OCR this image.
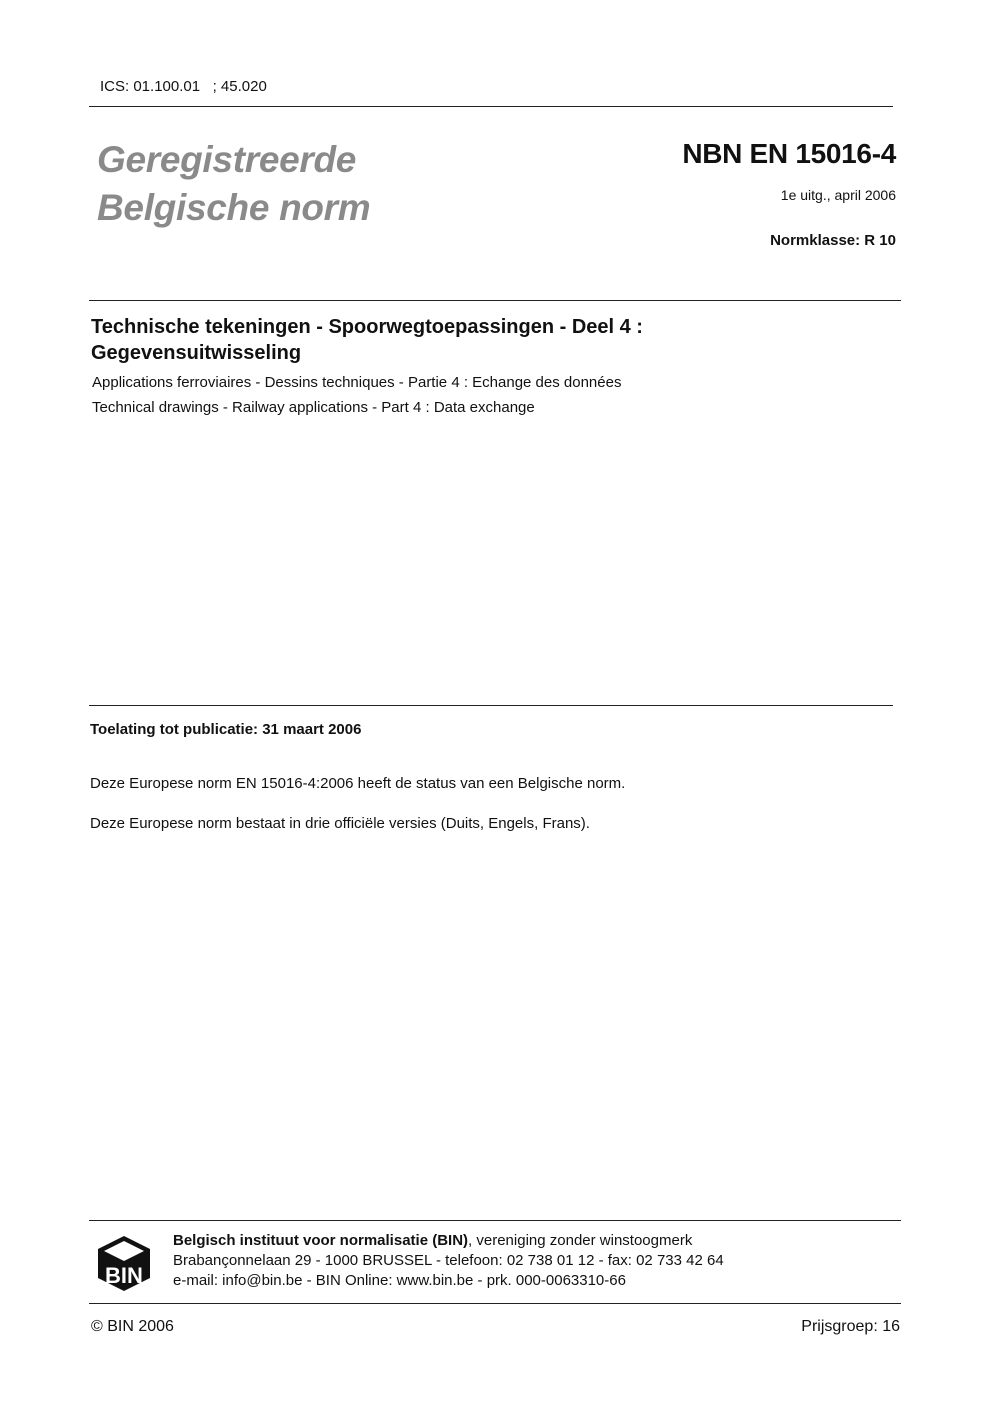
ICS: 01.100.01   ; 45.020
Geregistreerde
Belgische norm
NBN EN 15016-4
1e uitg., april 2006
Normklasse: R 10
Technische tekeningen - Spoorwegtoepassingen - Deel 4 :
Gegevensuitwisseling
Applications ferroviaires - Dessins techniques - Partie 4 : Echange des données
Technical drawings - Railway applications - Part 4 : Data exchange
Toelating tot publicatie: 31 maart 2006
Deze Europese norm EN 15016-4:2006 heeft de status van een Belgische norm.
Deze Europese norm bestaat in drie officiële versies (Duits, Engels, Frans).
BIN
Belgisch instituut voor normalisatie (BIN), vereniging zonder winstoogmerk
Brabançonnelaan 29 - 1000 BRUSSEL - telefoon: 02 738 01 12 - fax: 02 733 42 64
e-mail: info@bin.be - BIN Online: www.bin.be - prk. 000-0063310-66
© BIN 2006	Prijsgroep: 16
